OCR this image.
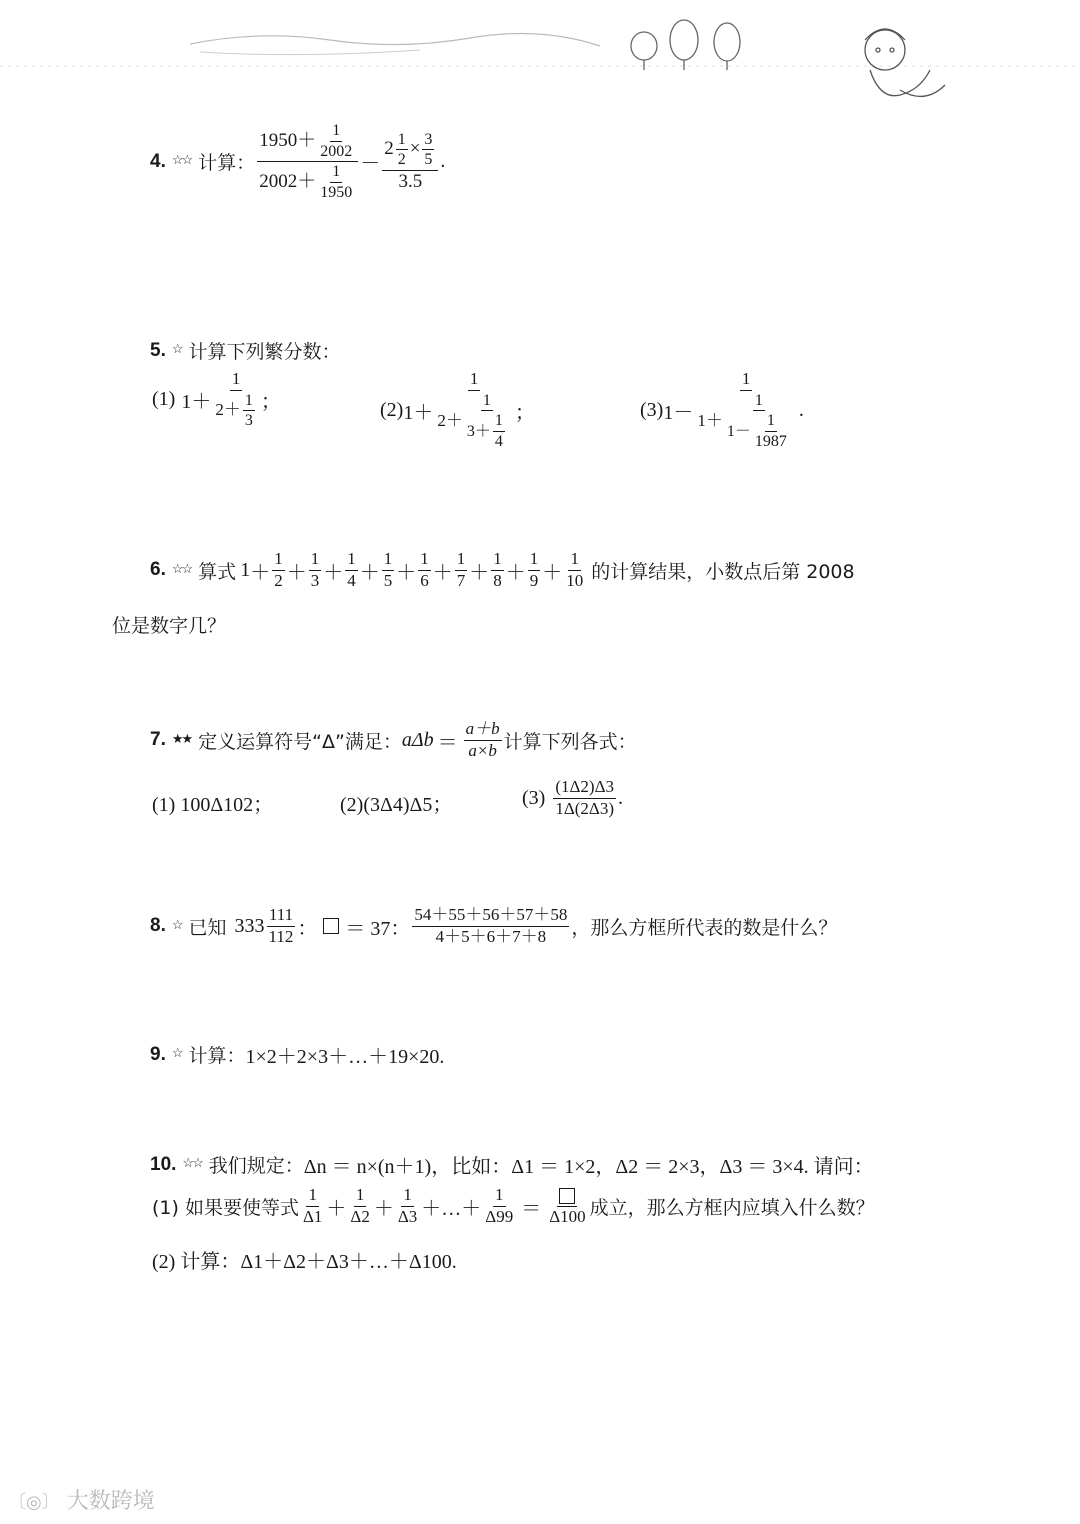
4. ☆☆ 计算： $\frac{1950+ \frac{1}{2002}}{2002+ \frac{1}{1950}} - \frac{2 \frac{1}{2} \times \frac{3}{5}}{3.5}$ .
5. ☆ 计算下列繁分数：
(1) $1+ \frac{1}{2+ \frac{1}{3}}$ ；	(2) $1+ \frac{1}{2+ \frac{1}{3+ \frac{1}{4}}}$ ；	(3) $1- \frac{1}{1+ \frac{1}{1- \frac{1}{1987}}}$ .
6. ☆☆ 算式 $1 + \frac{1}{2} + \frac{1}{3} + \frac{1}{4} + \frac{1}{5} + \frac{1}{6} + \frac{1}{7} + \frac{1}{8} + \frac{1}{9} + \frac{1}{10}$ 的计算结果，小数点后第 2008
位是数字几？
7. ★★ 定义运算符号“Δ”满足： $a\Delta b = \frac{a+b}{a\times b}$ 计算下列各式：
(1) 100Δ102；	(2)(3Δ4)Δ5；	$(3) \frac{(1\Delta 2)\Delta 3}{1\Delta(2\Delta 3)}$ .
8. ☆ 已知 $333 \frac{111}{112}$ ： ＝ 37： $\frac{54+55+56+57+58}{4+5+6+7+8}$ ，那么方框所代表的数是什么？
9. ☆ 计算： 1×2＋2×3＋…＋19×20.
10. ☆☆ 我们规定： Δn ＝ n×(n＋1)，比如：Δ1 ＝ 1×2，Δ2 ＝ 2×3，Δ3 ＝ 3×4. 请问：
(1) 如果要使等式 $\frac{1}{\Delta 1} + \frac{1}{\Delta 2} + \frac{1}{\Delta 3}$ ＋…＋ $\frac{1}{\Delta 99} = \Delta 100$ 成立，那么方框内应填入什么数？
(2) 计算：Δ1＋Δ2＋Δ3＋…＋Δ100.
〔◎〕 大数跨境
